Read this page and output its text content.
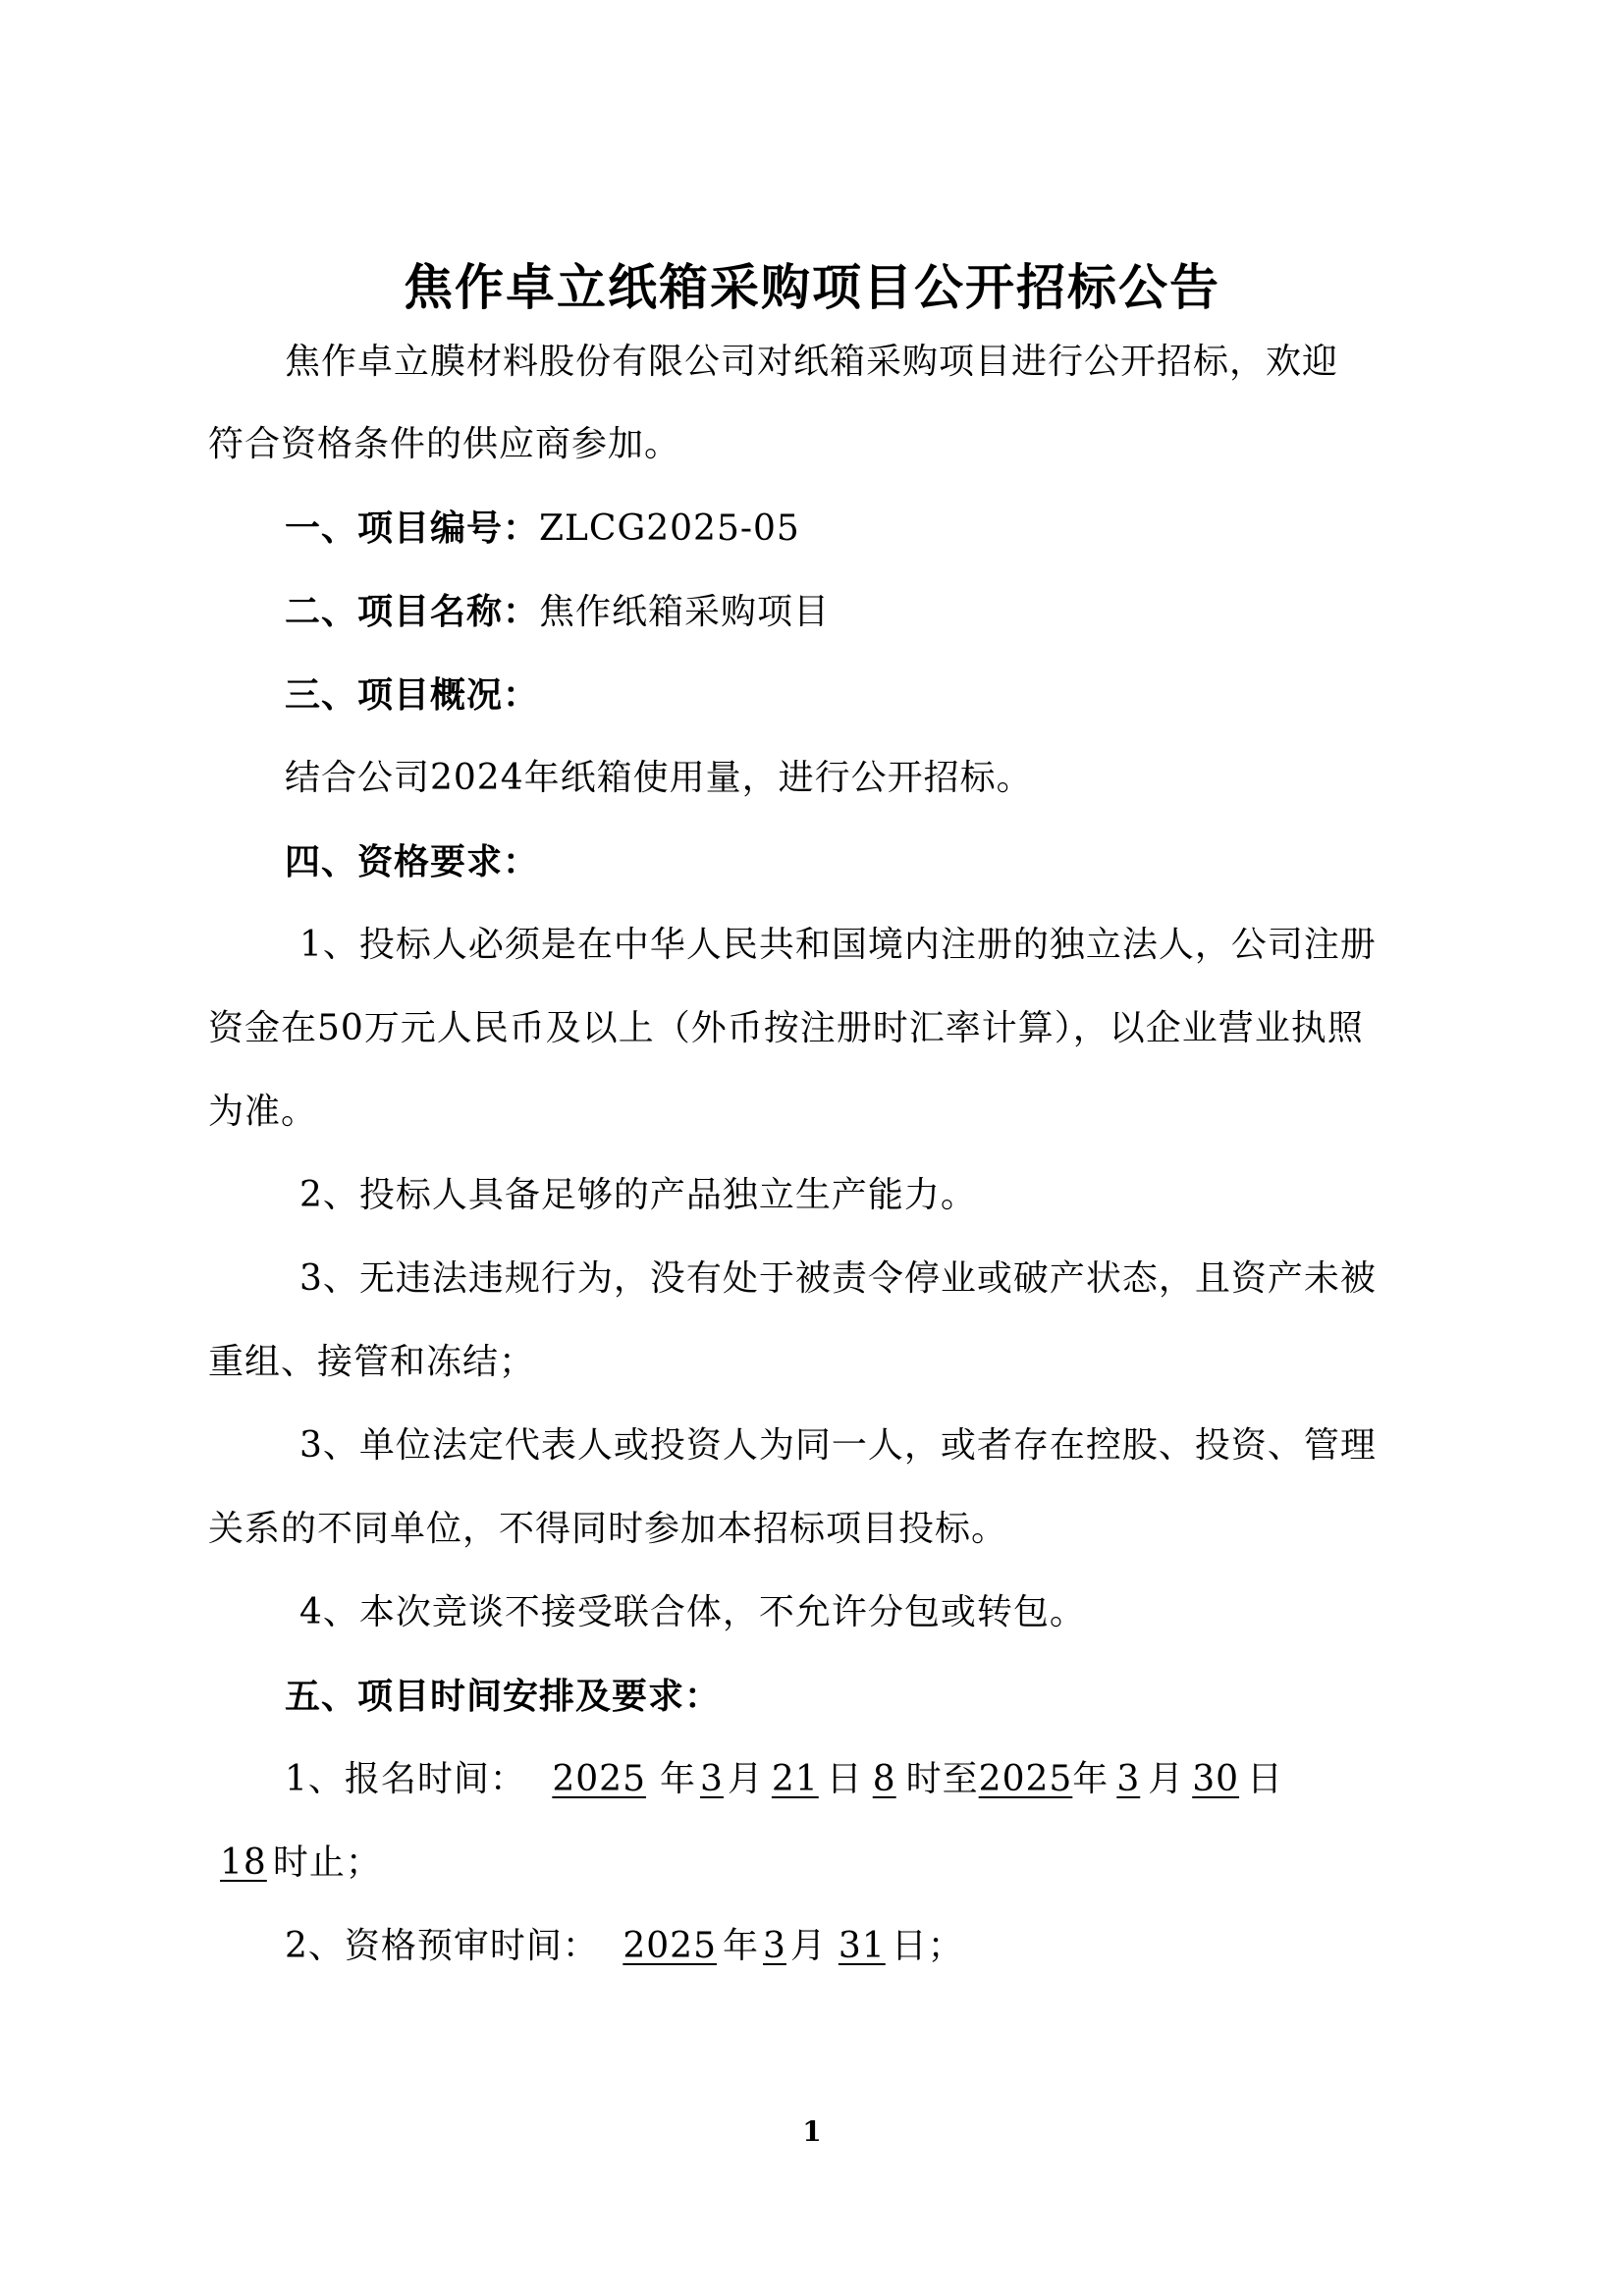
焦作卓立纸箱采购项目公开招标公告
焦作卓立膜材料股份有限公司对纸箱采购项目进行公开招标，欢迎
符合资格条件的供应商参加。
一、项目编号：ZLCG2025-05
二、项目名称：焦作纸箱采购项目
三、项目概况：
结合公司2024年纸箱使用量，进行公开招标。
四、资格要求：
1、投标人必须是在中华人民共和国境内注册的独立法人，公司注册
资金在50万元人民币及以上（外币按注册时汇率计算），以企业营业执照
为准。
2、投标人具备足够的产品独立生产能力。
3、无违法违规行为，没有处于被责令停业或破产状态，且资产未被
重组、接管和冻结；
3、单位法定代表人或投资人为同一人，或者存在控股、投资、管理
关系的不同单位，不得同时参加本招标项目投标。
4、本次竞谈不接受联合体，不允许分包或转包。
五、项目时间安排及要求：
1、报名时间： 2025 年 3 月 21 日 8 时至2025年 3 月 30 日
18 时止；
2、资格预审时间： 2025 年 3 月 31 日；
1
